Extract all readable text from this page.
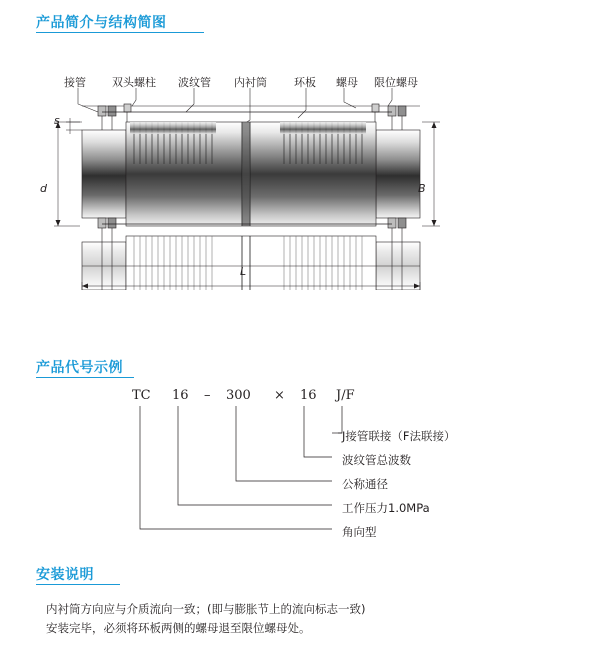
产品简介与结构简图
接管 双头螺柱 波纹管 内衬筒 环板 螺母 限位螺母
s
d	B
L
产品代号示例
TC 16 – 300 × 16 J/F
J接管联接（F法联接）
波纹管总波数
公称通径
工作压力1.0MPa
角向型
安装说明
内衬筒方向应与介质流向一致；(即与膨胀节上的流向标志一致)
安装完毕，必须将环板两侧的螺母退至限位螺母处。
